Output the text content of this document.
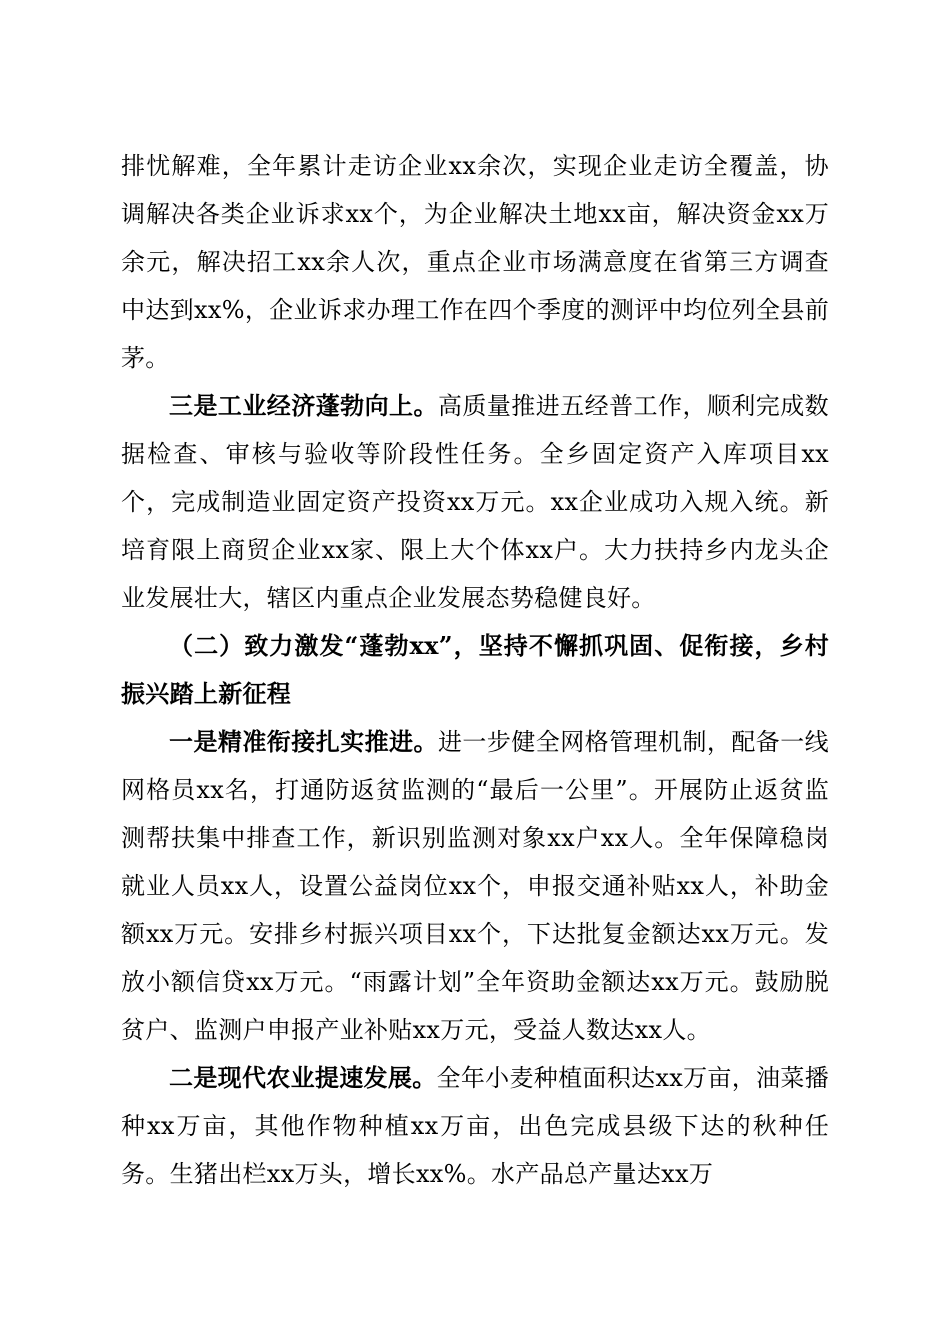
排忧解难，全年累计走访企业xx余次，实现企业走访全覆盖，协调解决各类企业诉求xx个，为企业解决土地xx亩，解决资金xx万余元，解决招工xx余人次，重点企业市场满意度在省第三方调查中达到xx%，企业诉求办理工作在四个季度的测评中均位列全县前茅。

三是工业经济蓬勃向上。高质量推进五经普工作，顺利完成数据检查、审核与验收等阶段性任务。全乡固定资产入库项目xx个，完成制造业固定资产投资xx万元。xx企业成功入规入统。新培育限上商贸企业xx家、限上大个体xx户。大力扶持乡内龙头企业发展壮大，辖区内重点企业发展态势稳健良好。

（二）致力激发“蓬勃xx”，坚持不懈抓巩固、促衔接，乡村振兴踏上新征程

一是精准衔接扎实推进。进一步健全网格管理机制，配备一线网格员xx名，打通防返贫监测的“最后一公里”。开展防止返贫监测帮扶集中排查工作，新识别监测对象xx户xx人。全年保障稳岗就业人员xx人，设置公益岗位xx个，申报交通补贴xx人，补助金额xx万元。安排乡村振兴项目xx个，下达批复金额达xx万元。发放小额信贷xx万元。“雨露计划”全年资助金额达xx万元。鼓励脱贫户、监测户申报产业补贴xx万元，受益人数达xx人。

二是现代农业提速发展。全年小麦种植面积达xx万亩，油菜播种xx万亩，其他作物种植xx万亩，出色完成县级下达的秋种任务。生猪出栏xx万头，增长xx%。水产品总产量达xx万
